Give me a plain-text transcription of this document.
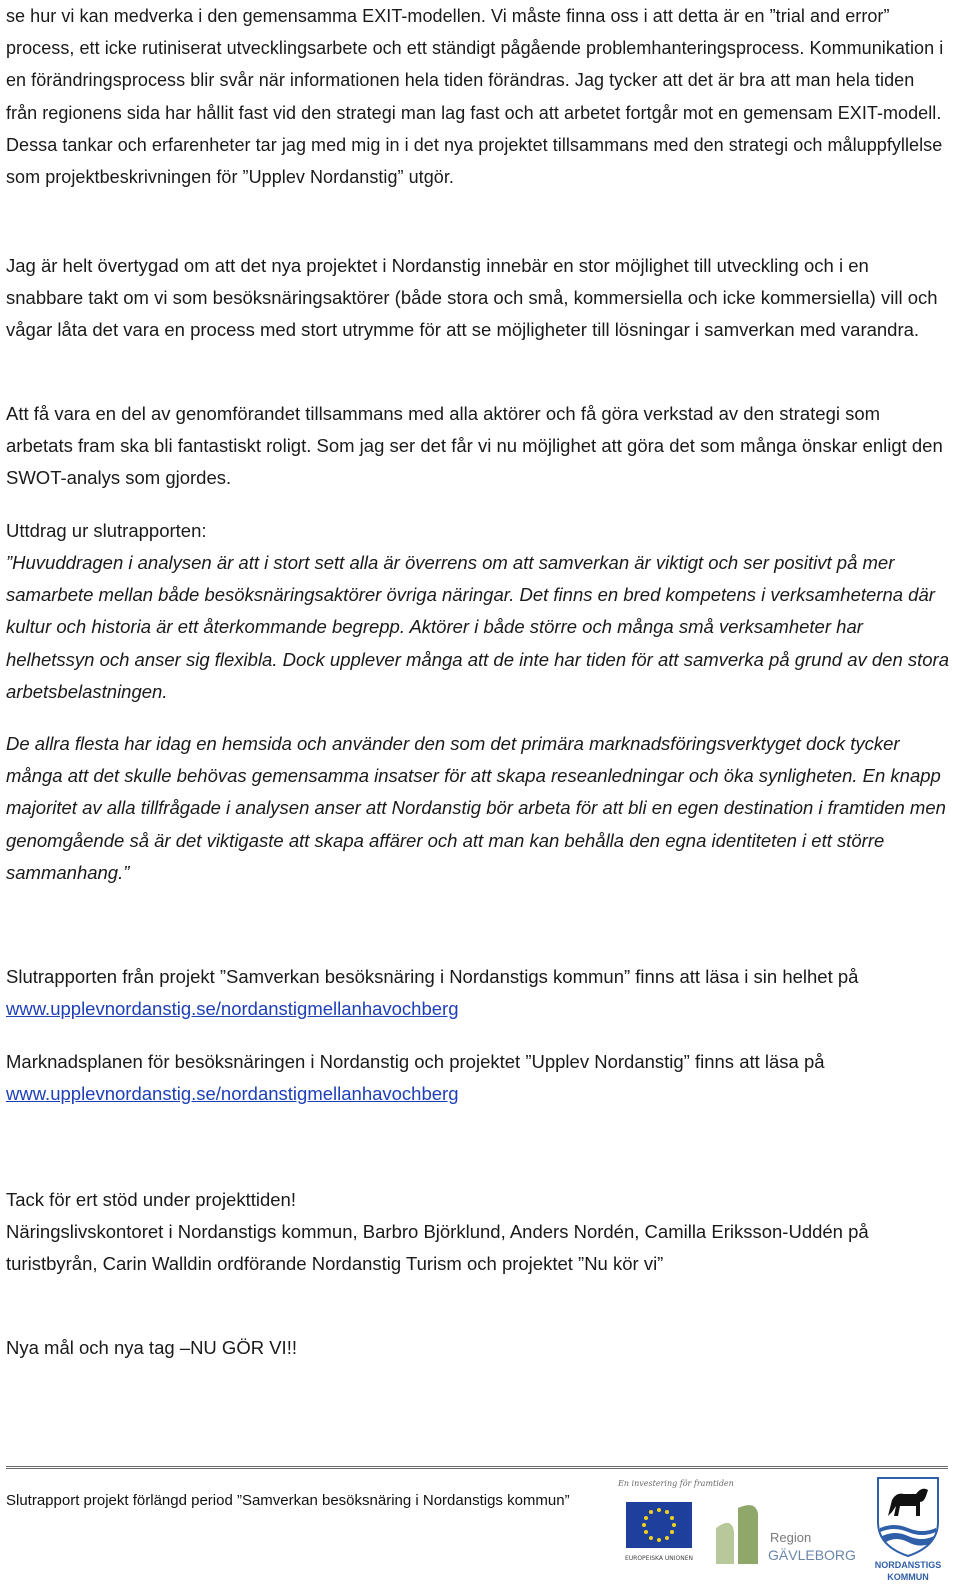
se hur vi kan medverka i den gemensamma EXIT-modellen. Vi måste finna oss i att detta är en ”trial and error” process, ett icke rutiniserat utvecklingsarbete och ett ständigt pågående problemhanteringsprocess. Kommunikation i en förändringsprocess blir svår när informationen hela tiden förändras. Jag tycker att det är bra att man hela tiden från regionens sida har hållit fast vid den strategi man lag fast och att arbetet fortgår mot en gemensam EXIT-modell. Dessa tankar och erfarenheter tar jag med mig in i det nya projektet tillsammans med den strategi och måluppfyllelse som projektbeskrivningen för ”Upplev Nordanstig” utgör.

Jag är helt övertygad om att det nya projektet i Nordanstig innebär en stor möjlighet till utveckling och i en snabbare takt om vi som besöksnäringsaktörer (både stora och små, kommersiella och icke kommersiella) vill och vågar låta det vara en process med stort utrymme för att se möjligheter till lösningar i samverkan med varandra.

Att få vara en del av genomförandet tillsammans med alla aktörer och få göra verkstad av den strategi som arbetats fram ska bli fantastiskt roligt. Som jag ser det får vi nu möjlighet att göra det som många önskar enligt den SWOT-analys som gjordes.

Uttdrag ur slutrapporten:

”Huvuddragen i analysen är att i stort sett alla är överrens om att samverkan är viktigt och ser positivt på mer samarbete mellan både besöksnäringsaktörer övriga näringar. Det finns en bred kompetens i verksamheterna där kultur och historia är ett återkommande begrepp. Aktörer i både större och många små verksamheter har helhetssyn och anser sig flexibla. Dock upplever många att de inte har tiden för att samverka på grund av den stora arbetsbelastningen.

De allra flesta har idag en hemsida och använder den som det primära marknadsföringsverktyget dock tycker många att det skulle behövas gemensamma insatser för att skapa reseanledningar och öka synligheten. En knapp majoritet av alla tillfrågade i analysen anser att Nordanstig bör arbeta för att bli en egen destination i framtiden men genomgående så är det viktigaste att skapa affärer och att man kan behålla den egna identiteten i ett större sammanhang.”

Slutrapporten från projekt ”Samverkan besöksnäring i Nordanstigs kommun” finns att läsa i sin helhet på www.upplevnordanstig.se/nordanstigmellanhavochberg

Marknadsplanen för besöksnäringen i Nordanstig och projektet ”Upplev Nordanstig” finns att läsa på www.upplevnordanstig.se/nordanstigmellanhavochberg

Tack för ert stöd under projekttiden!

Näringslivskontoret i Nordanstigs kommun, Barbro Björklund, Anders Nordén, Camilla Eriksson-Uddén på turistbyrån, Carin Walldin ordförande Nordanstig Turism och projektet ”Nu kör vi”

Nya mål och nya tag –NU GÖR VI!!

Slutrapport projekt förlängd period ”Samverkan besöksnäring i Nordanstigs kommun”
En investering för framtiden
EUROPEISKA UNIONEN
Region
GÄVLEBORG
NORDANSTIGS
KOMMUN
